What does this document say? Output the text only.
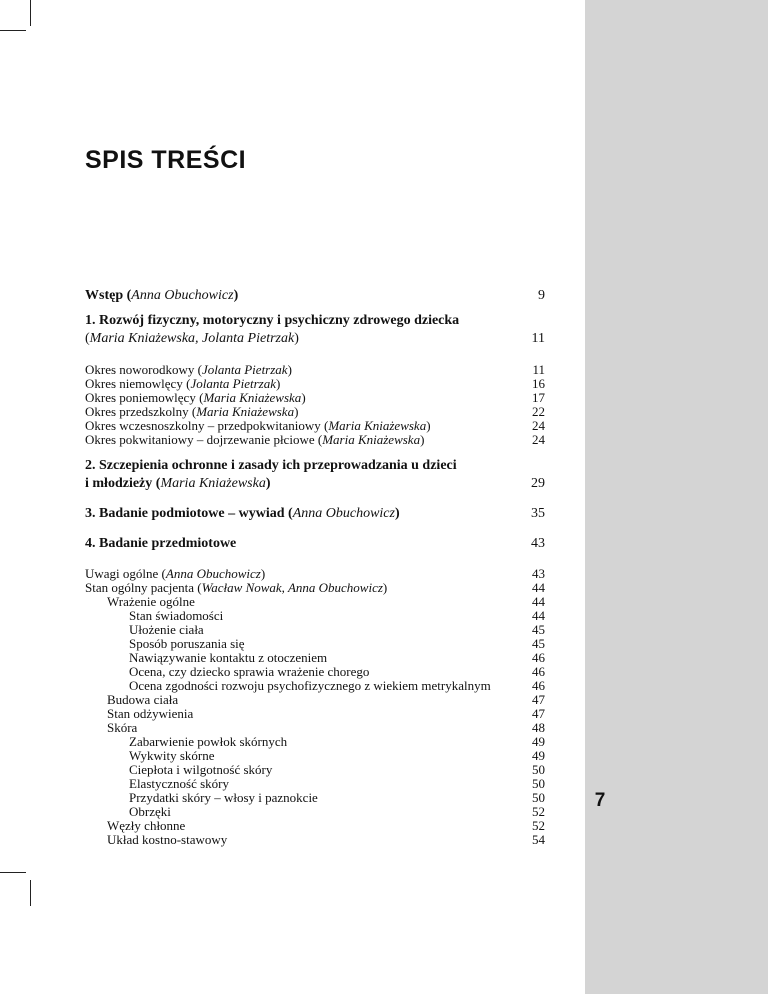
7
SPIS TREŚCI
Wstęp (Anna Obuchowicz)	9
1. Rozwój fizyczny, motoryczny i psychiczny zdrowego dziecka
(Maria Kniażewska, Jolanta Pietrzak)	11
Okres noworodkowy (Jolanta Pietrzak)	11
Okres niemowlęcy (Jolanta Pietrzak)	16
Okres poniemowlęcy (Maria Kniażewska)	17
Okres przedszkolny (Maria Kniażewska)	22
Okres wczesnoszkolny – przedpokwitaniowy (Maria Kniażewska)	24
Okres pokwitaniowy – dojrzewanie płciowe (Maria Kniażewska)	24
2. Szczepienia ochronne i zasady ich przeprowadzania u dzieci
i młodzieży (Maria Kniażewska)	29
3. Badanie podmiotowe – wywiad (Anna Obuchowicz)	35
4. Badanie przedmiotowe	43
Uwagi ogólne (Anna Obuchowicz)	43
Stan ogólny pacjenta (Wacław Nowak, Anna Obuchowicz)	44
Wrażenie ogólne	44
Stan świadomości	44
Ułożenie ciała	45
Sposób poruszania się	45
Nawiązywanie kontaktu z otoczeniem	46
Ocena, czy dziecko sprawia wrażenie chorego	46
Ocena zgodności rozwoju psychofizycznego z wiekiem metrykalnym	46
Budowa ciała	47
Stan odżywienia	47
Skóra	48
Zabarwienie powłok skórnych	49
Wykwity skórne	49
Ciepłota i wilgotność skóry	50
Elastyczność skóry	50
Przydatki skóry – włosy i paznokcie	50
Obrzęki	52
Węzły chłonne	52
Układ kostno-stawowy	54
